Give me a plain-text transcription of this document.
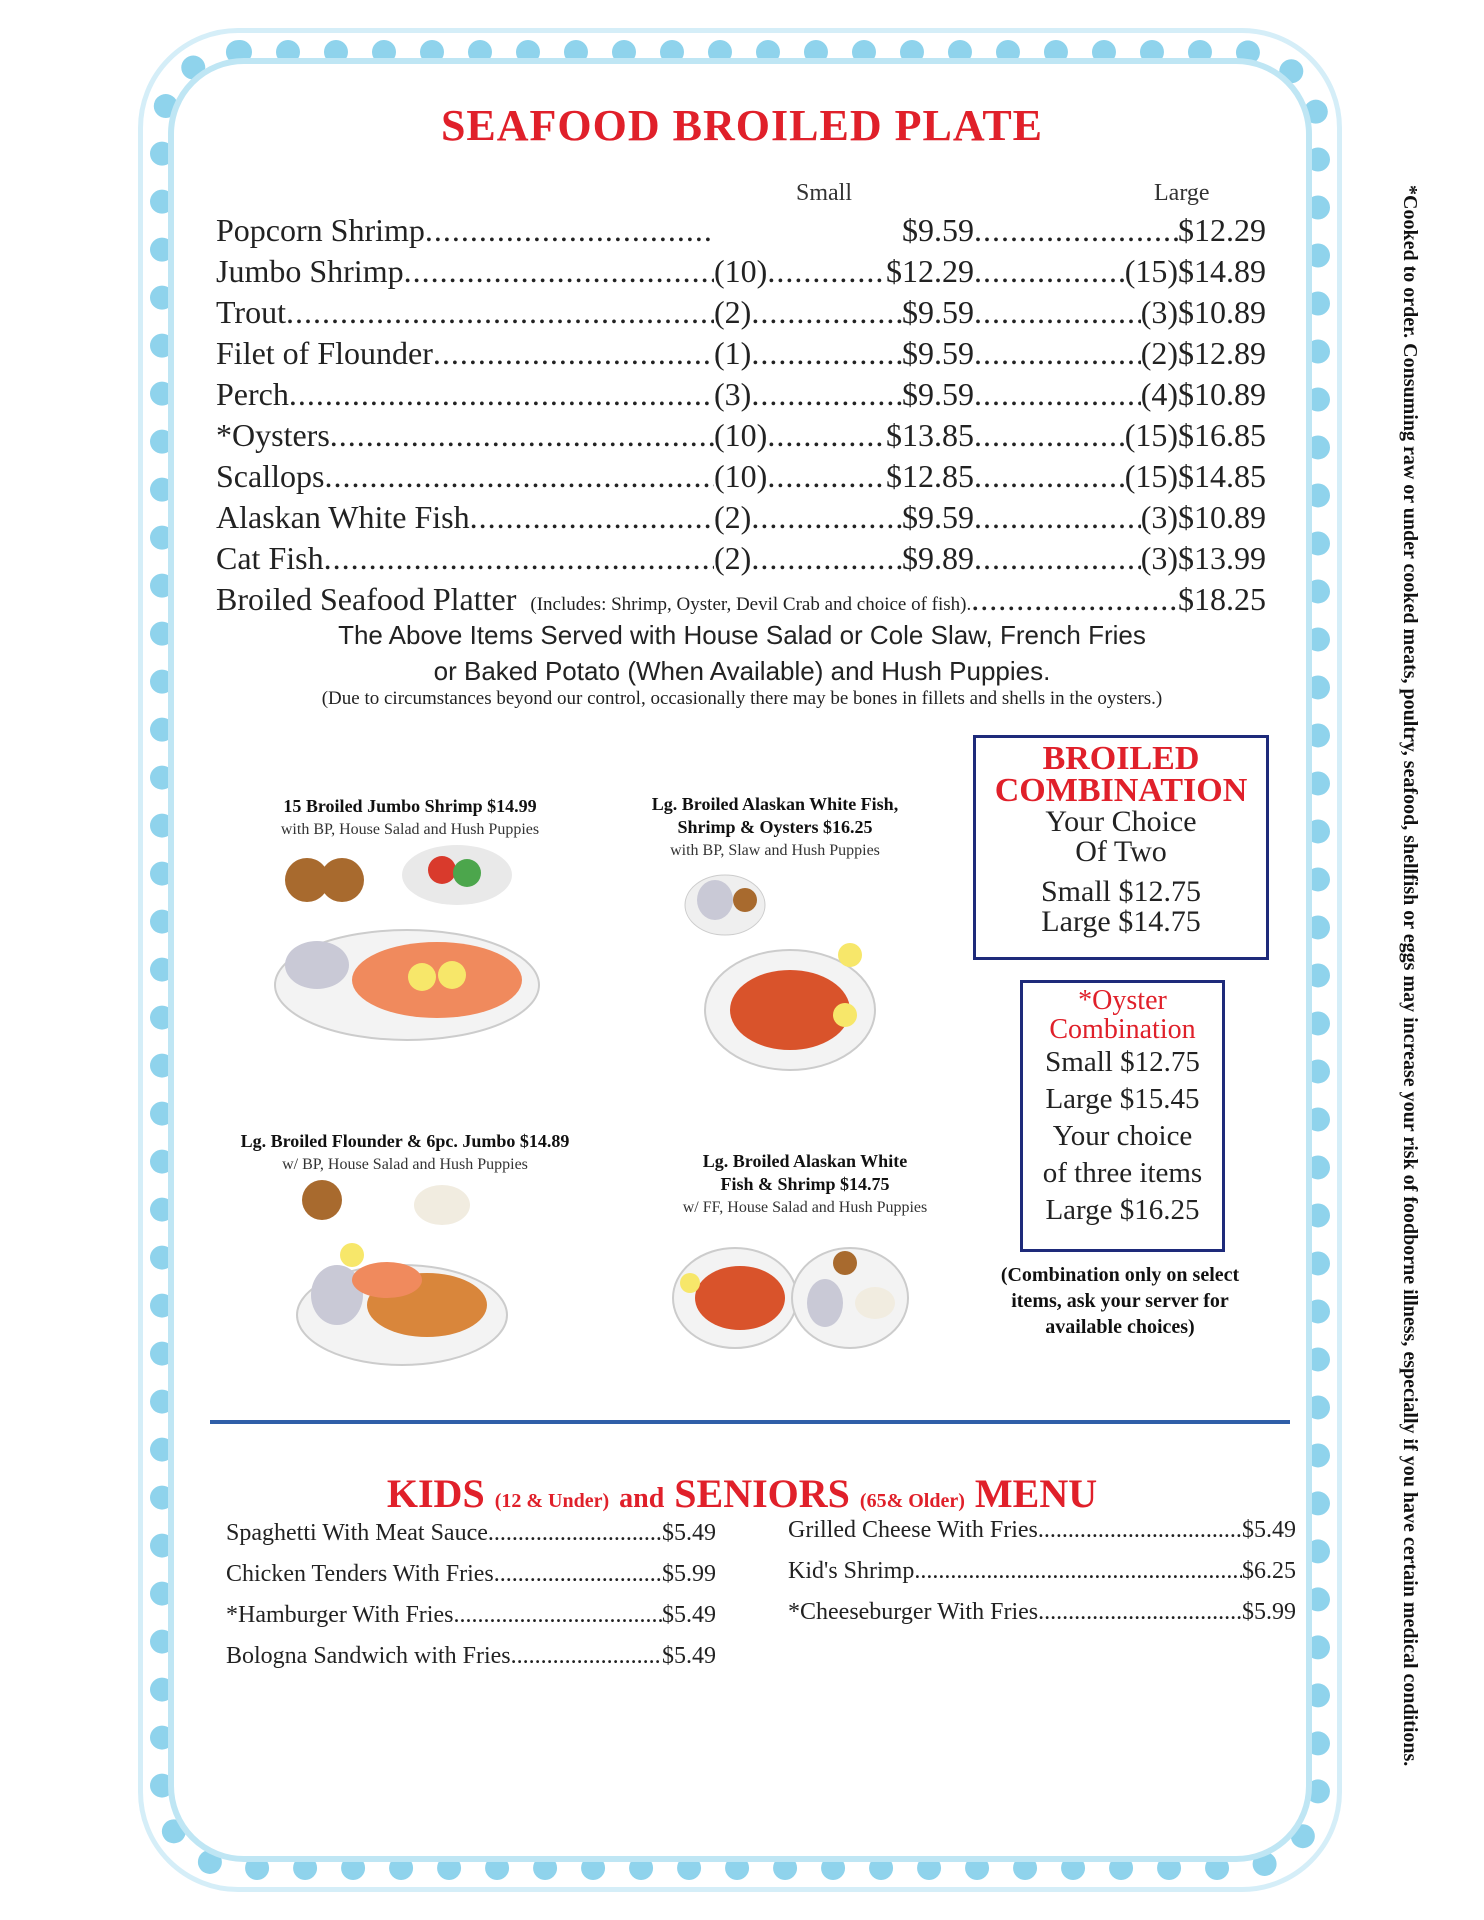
*Cooked to order. Consuming raw or under cooked meats, poultry, seafood, shellfish or eggs may increase your risk of foodborne illness, especially if you have certain medical conditions.
SEAFOOD BROILED PLATE
Small	Large
Popcorn Shrimp .....	$9.59 .....	$12.29
Jumbo Shrimp .....	(10) .....	$12.29 .....	(15) $14.89
Trout .....	(2) .....	$9.59 .....	(3) $10.89
Filet of Flounder .....	(1) .....	$9.59 .....	(2) $12.89
Perch .....	(3) .....	$9.59 .....	(4) $10.89
*Oysters .....	(10) .....	$13.85 .....	(15) $16.85
Scallops .....	(10) .....	$12.85 .....	(15) $14.85
Alaskan White Fish .....	(2) .....	$9.59 .....	(3) $10.89
Cat Fish .....	(2) .....	$9.89 .....	(3) $13.99
Broiled Seafood Platter (Includes: Shrimp, Oyster, Devil Crab and choice of fish). .....	$18.25
The Above Items Served with House Salad or Cole Slaw, French Fries
or Baked Potato (When Available) and Hush Puppies.
(Due to circumstances beyond our control, occasionally there may be bones in fillets and shells in the oysters.)
15 Broiled Jumbo Shrimp $14.99
with BP, House Salad and Hush Puppies
Lg. Broiled Alaskan White Fish,
Shrimp & Oysters $16.25
with BP, Slaw and Hush Puppies
Lg. Broiled Flounder & 6pc. Jumbo $14.89
w/ BP, House Salad and Hush Puppies	Lg. Broiled Alaskan White
Fish & Shrimp $14.75
w/ FF, House Salad and Hush Puppies
BROILED
COMBINATION
Your Choice
Of Two
Small $12.75
Large $14.75
*Oyster
Combination
Small $12.75
Large $15.45
Your choice
of three items
Large $16.25
(Combination only on select
items, ask your server for
available choices)
KIDS (12 & Under) and SENIORS (65& Older) MENU
Spaghetti With Meat Sauce .....	$5.49
Chicken Tenders With Fries .....	$5.99
*Hamburger With Fries .....	$5.49
Bologna Sandwich with Fries .....	$5.49
Grilled Cheese With Fries .....	$5.49
Kid's Shrimp .....	$6.25
*Cheeseburger With Fries .....	$5.99
